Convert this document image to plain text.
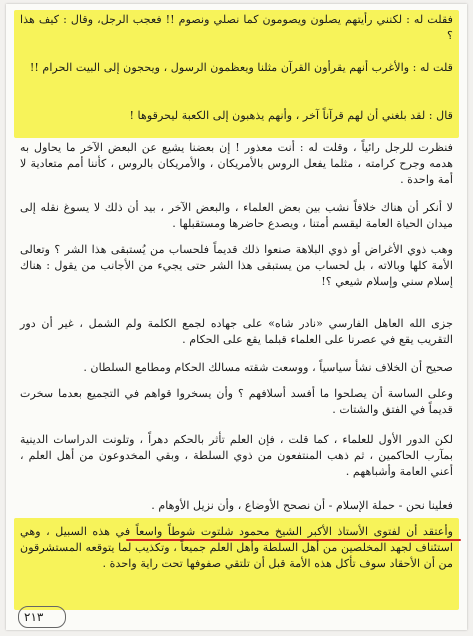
فقلت له : لكنني رأيتهم يصلون ويصومون كما نصلي ونصوم !! فعجب الرجل، وقال : كيف هذا ؟

قلت له : والأغرب أنهم يقرأون القرآن مثلنا ويعظمون الرسول ، ويحجون إلى البيت الحرام !!

قال : لقد بلغني أن لهم قرآناً آخر ، وأنهم يذهبون إلى الكعبة ليحرقوها !

فنظرت للرجل رائياً ، وقلت له : أنت معذور ! إن بعضنا يشيع عن البعض الآخر ما يحاول به هدمه وجرح كرامته ، مثلما يفعل الروس بالأمريكان ، والأمريكان بالروس ، كأننا أمم متعادية لا أمة واحدة .

لا أنكر أن هناك خلافاً نشب بين بعض العلماء ، والبعض الآخر ، بيد أن ذلك لا يسوغ نقله إلى ميدان الحياة العامة ليقسم أمتنا ، ويصدع حاضرها ومستقبلها .

وهب ذوي الأغراض أو ذوي البلاهة صنعوا ذلك قديماً فلحساب من يُستبقى هذا الشر ؟ وتعالى الأمة كلها وبالاته ، بل لحساب من يستبقى هذا الشر حتى يجيء من الأجانب من يقول : هناك إسلام سني وإسلام شيعي ؟!

جزى الله العاهل الفارسي «نادر شاه» على جهاده لجمع الكلمة ولم الشمل ، غير أن دور التقريب يقع في عصرنا على العلماء قبلما يقع على الحكام .

صحيح أن الخلاف نشأ سياسياً ، ووسعت شقته مسالك الحكام ومطامع السلطان .

وعلى الساسة أن يصلحوا ما أفسد أسلافهم ؟ وأن يسخروا قواهم في التجميع بعدما سخرت قديماً في الفتق والشتات .

لكن الدور الأول للعلماء ، كما قلت ، فإن العلم تأثر بالحكم دهراً ، وتلونت الدراسات الدينية بمآرب الحاكمين ، ثم ذهب المنتفعون من ذوي السلطة ، وبقي المخدوعون من أهل العلم ، أعني العامة وأشباههم .

فعلينا نحن - حملة الإسلام - أن نصحح الأوضاع ، وأن نزيل الأوهام .

وأعتقد أن لفتوى الأستاذ الأكبر الشيخ محمود شلتوت شوطاً واسعاً في هذه السبيل ، وهي استئناف لجهد المخلصين من أهل السلطة وأهل العلم جميعاً ، وتكذيب لما يتوقعه المستشرقون من أن الأحقاد سوف تأكل هذه الأمة قبل أن تلتقي صفوفها تحت راية واحدة .

٢١٣
